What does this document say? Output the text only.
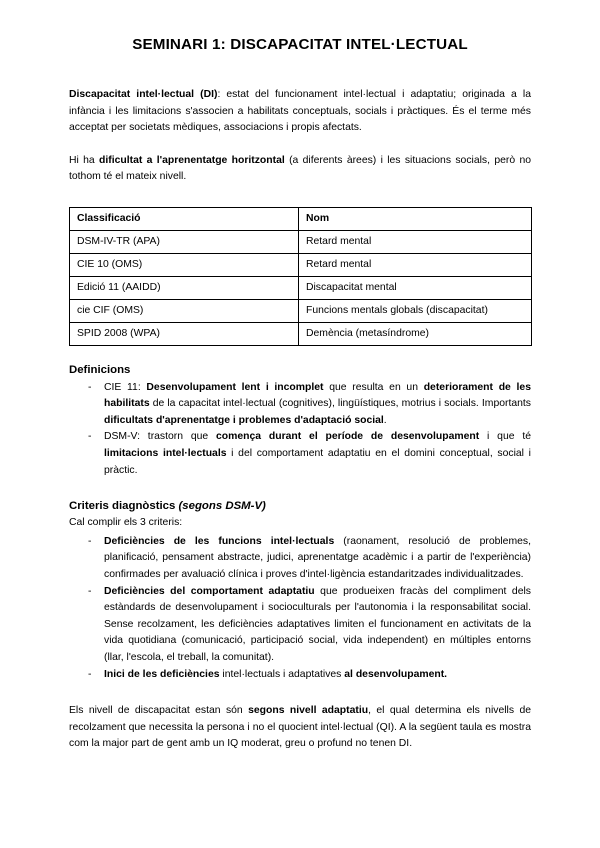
SEMINARI 1: DISCAPACITAT INTEL·LECTUAL

Discapacitat intel·lectual (DI): estat del funcionament intel·lectual i adaptatiu; originada a la infància i les limitacions s'associen a habilitats conceptuals, socials i pràctiques. És el terme més acceptat per societats mèdiques, associacions i propis afectats.

Hi ha dificultat a l'aprenentatge horitzontal (a diferents àrees) i les situacions socials, però no tothom té el mateix nivell.

Classificació	Nom
DSM-IV-TR (APA)	Retard mental
CIE 10 (OMS)	Retard mental
Edició 11 (AAIDD)	Discapacitat mental
cie CIF (OMS)	Funcions mentals globals (discapacitat)
SPID 2008 (WPA)	Demència (metasíndrome)
Definicions
- CIE 11: Desenvolupament lent i incomplet que resulta en un deteriorament de les habilitats de la capacitat intel·lectual (cognitives), lingüístiques, motrius i socials. Importants dificultats d'aprenentatge i problemes d'adaptació social.
- DSM-V: trastorn que comença durant el període de desenvolupament i que té limitacions intel·lectuals i del comportament adaptatiu en el domini conceptual, social i pràctic.
Criteris diagnòstics (segons DSM-V)

Cal complir els 3 criteris:

- Deficiències de les funcions intel·lectuals (raonament, resolució de problemes, planificació, pensament abstracte, judici, aprenentatge acadèmic i a partir de l'experiència) confirmades per avaluació clínica i proves d'intel·ligència estandaritzades individualitzades.
- Deficiències del comportament adaptatiu que produeixen fracàs del compliment dels estàndards de desenvolupament i socioculturals per l'autonomia i la responsabilitat social. Sense recolzament, les deficiències adaptatives limiten el funcionament en activitats de la vida quotidiana (comunicació, participació social, vida independent) en múltiples entorns (llar, l'escola, el treball, la comunitat).
- Inici de les deficiències intel·lectuals i adaptatives al desenvolupament.

Els nivell de discapacitat estan són segons nivell adaptatiu, el qual determina els nivells de recolzament que necessita la persona i no el quocient intel·lectual (QI). A la següent taula es mostra com la major part de gent amb un IQ moderat, greu o profund no tenen DI.
